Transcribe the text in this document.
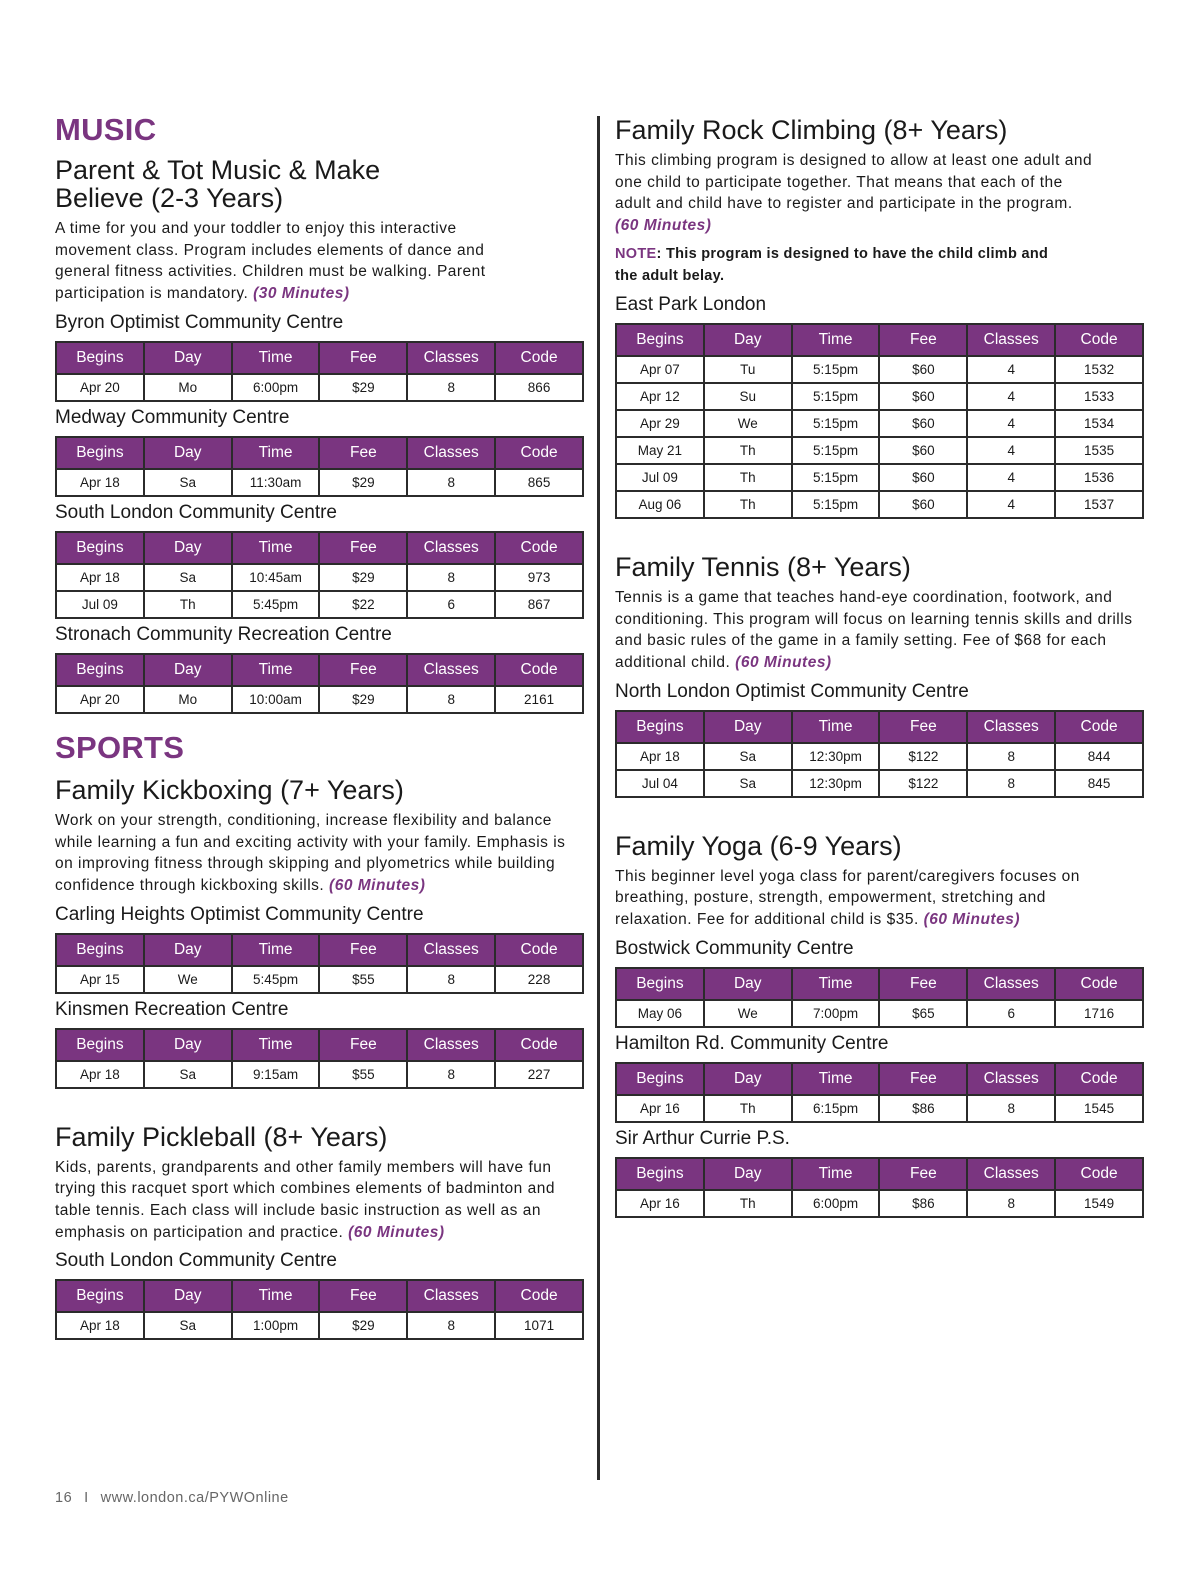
MUSIC
Parent & Tot Music & Make Believe (2-3 Years)

A time for you and your toddler to enjoy this interactive movement class. Program includes elements of dance and general fitness activities. Children must be walking. Parent participation is mandatory. (30 Minutes)

Byron Optimist Community Centre
Begins	Day	Time	Fee	Classes	Code
Apr 20	Mo	6:00pm	$29	8	866
Medway Community Centre
Begins	Day	Time	Fee	Classes	Code
Apr 18	Sa	11:30am	$29	8	865
South London Community Centre
Begins	Day	Time	Fee	Classes	Code
Apr 18	Sa	10:45am	$29	8	973
Jul 09	Th	5:45pm	$22	6	867
Stronach Community Recreation Centre
Begins	Day	Time	Fee	Classes	Code
Apr 20	Mo	10:00am	$29	8	2161
SPORTS
Family Kickboxing (7+ Years)

Work on your strength, conditioning, increase flexibility and balance while learning a fun and exciting activity with your family. Emphasis is on improving fitness through skipping and plyometrics while building confidence through kickboxing skills. (60 Minutes)

Carling Heights Optimist Community Centre
Begins	Day	Time	Fee	Classes	Code
Apr 15	We	5:45pm	$55	8	228
Kinsmen Recreation Centre
Begins	Day	Time	Fee	Classes	Code
Apr 18	Sa	9:15am	$55	8	227
Family Pickleball (8+ Years)

Kids, parents, grandparents and other family members will have fun trying this racquet sport which combines elements of badminton and table tennis. Each class will include basic instruction as well as an emphasis on participation and practice. (60 Minutes)

South London Community Centre
Begins	Day	Time	Fee	Classes	Code
Apr 18	Sa	1:00pm	$29	8	1071
Family Rock Climbing (8+ Years)

This climbing program is designed to allow at least one adult and one child to participate together. That means that each of the adult and child have to register and participate in the program. (60 Minutes)

NOTE: This program is designed to have the child climb and the adult belay.

East Park London
Begins	Day	Time	Fee	Classes	Code
Apr 07	Tu	5:15pm	$60	4	1532
Apr 12	Su	5:15pm	$60	4	1533
Apr 29	We	5:15pm	$60	4	1534
May 21	Th	5:15pm	$60	4	1535
Jul 09	Th	5:15pm	$60	4	1536
Aug 06	Th	5:15pm	$60	4	1537
Family Tennis (8+ Years)

Tennis is a game that teaches hand-eye coordination, footwork, and conditioning. This program will focus on learning tennis skills and drills and basic rules of the game in a family setting. Fee of $68 for each additional child. (60 Minutes)

North London Optimist Community Centre
Begins	Day	Time	Fee	Classes	Code
Apr 18	Sa	12:30pm	$122	8	844
Jul 04	Sa	12:30pm	$122	8	845
Family Yoga (6-9 Years)

This beginner level yoga class for parent/caregivers focuses on breathing, posture, strength, empowerment, stretching and relaxation. Fee for additional child is $35. (60 Minutes)

Bostwick Community Centre
Begins	Day	Time	Fee	Classes	Code
May 06	We	7:00pm	$65	6	1716
Hamilton Rd. Community Centre
Begins	Day	Time	Fee	Classes	Code
Apr 16	Th	6:15pm	$86	8	1545
Sir Arthur Currie P.S.
Begins	Day	Time	Fee	Classes	Code
Apr 16	Th	6:00pm	$86	8	1549
16 I www.london.ca/PYWOnline
